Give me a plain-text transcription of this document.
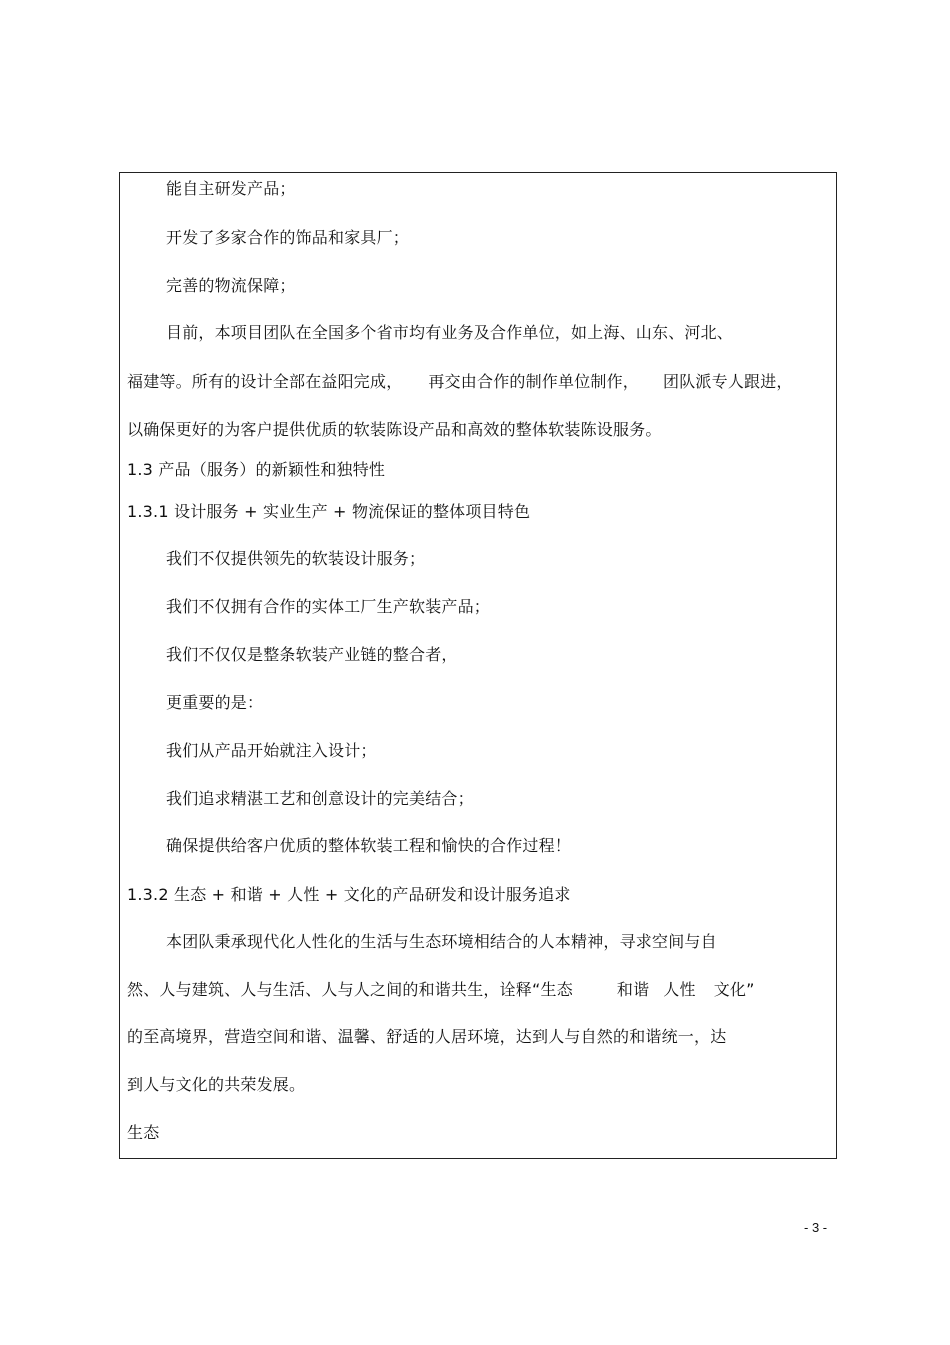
能自主研发产品；
开发了多家合作的饰品和家具厂；
完善的物流保障；
目前，本项目团队在全国多个省市均有业务及合作单位，如上海、山东、河北、
福建等。所有的设计全部在益阳完成， 再交由合作的制作单位制作， 团队派专人跟进，
以确保更好的为客户提供优质的软装陈设产品和高效的整体软装陈设服务。
1.3 产品（服务）的新颖性和独特性
1.3.1 设计服务 + 实业生产 + 物流保证的整体项目特色
我们不仅提供领先的软装设计服务；
我们不仅拥有合作的实体工厂生产软装产品；
我们不仅仅是整条软装产业链的整合者，
更重要的是：
我们从产品开始就注入设计；
我们追求精湛工艺和创意设计的完美结合；
确保提供给客户优质的整体软装工程和愉快的合作过程！
1.3.2 生态 + 和谐 + 人性 + 文化的产品研发和设计服务追求
本团队秉承现代化人性化的生活与生态环境相结合的人本精神，寻求空间与自
然、人与建筑、人与生活、人与人之间的和谐共生，诠释“生态	和谐 人性 文化”
的至高境界，营造空间和谐、温馨、舒适的人居环境，达到人与自然的和谐统一，达
到人与文化的共荣发展。
生态
- 3 -
